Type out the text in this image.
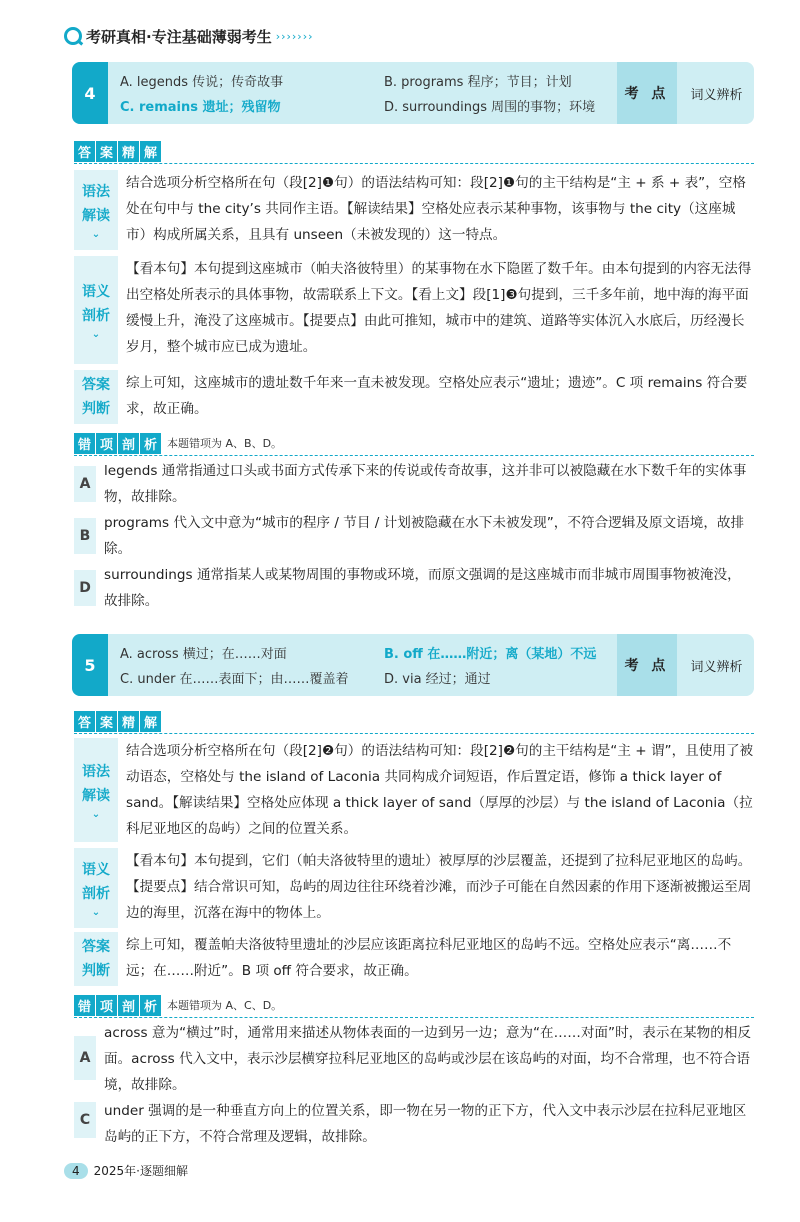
考研真相·专注基础薄弱考生 ›››››››
4
A. legends 传说；传奇故事	B. programs 程序；节目；计划
C. remains 遗址；残留物	D. surroundings 周围的事物；环境
考 点	词义辨析
答 案 精 解
语法解读
⌄
结合选项分析空格所在句（段[2]❶句）的语法结构可知：段[2]❶句的主干结构是“主 + 系 + 表”，空格处在句中与 the city’s 共同作主语。【解读结果】空格处应表示某种事物，该事物与 the city（这座城市）构成所属关系，且具有 unseen（未被发现的）这一特点。
语义剖析
⌄
【看本句】本句提到这座城市（帕夫洛彼特里）的某事物在水下隐匿了数千年。由本句提到的内容无法得出空格处所表示的具体事物，故需联系上下文。【看上文】段[1]❸句提到，三千多年前，地中海的海平面缓慢上升，淹没了这座城市。【提要点】由此可推知，城市中的建筑、道路等实体沉入水底后，历经漫长岁月，整个城市应已成为遗址。
答案判断
综上可知，这座城市的遗址数千年来一直未被发现。空格处应表示“遗址；遗迹”。C 项 remains 符合要求，故正确。
错 项 剖 析 本题错项为 A、B、D。
A
legends 通常指通过口头或书面方式传承下来的传说或传奇故事，这并非可以被隐藏在水下数千年的实体事物，故排除。
B
programs 代入文中意为“城市的程序 / 节目 / 计划被隐藏在水下未被发现”，不符合逻辑及原文语境，故排除。
D
surroundings 通常指某人或某物周围的事物或环境，而原文强调的是这座城市而非城市周围事物被淹没，故排除。
5
A. across 横过；在……对面	B. off 在……附近；离（某地）不远
C. under 在……表面下；由……覆盖着	D. via 经过；通过
考 点	词义辨析
答 案 精 解
语法解读
⌄
结合选项分析空格所在句（段[2]❷句）的语法结构可知：段[2]❷句的主干结构是“主 + 谓”，且使用了被动语态，空格处与 the island of Laconia 共同构成介词短语，作后置定语，修饰 a thick layer of sand。【解读结果】空格处应体现 a thick layer of sand（厚厚的沙层）与 the island of Laconia（拉科尼亚地区的岛屿）之间的位置关系。
语义剖析
⌄
【看本句】本句提到，它们（帕夫洛彼特里的遗址）被厚厚的沙层覆盖，还提到了拉科尼亚地区的岛屿。【提要点】结合常识可知，岛屿的周边往往环绕着沙滩，而沙子可能在自然因素的作用下逐渐被搬运至周边的海里，沉落在海中的物体上。
答案判断
综上可知，覆盖帕夫洛彼特里遗址的沙层应该距离拉科尼亚地区的岛屿不远。空格处应表示“离……不远；在……附近”。B 项 off 符合要求，故正确。
错 项 剖 析 本题错项为 A、C、D。
A
across 意为“横过”时，通常用来描述从物体表面的一边到另一边；意为“在……对面”时，表示在某物的相反面。across 代入文中，表示沙层横穿拉科尼亚地区的岛屿或沙层在该岛屿的对面，均不合常理，也不符合语境，故排除。
C
under 强调的是一种垂直方向上的位置关系，即一物在另一物的正下方，代入文中表示沙层在拉科尼亚地区岛屿的正下方，不符合常理及逻辑，故排除。
4	2025年·逐题细解
